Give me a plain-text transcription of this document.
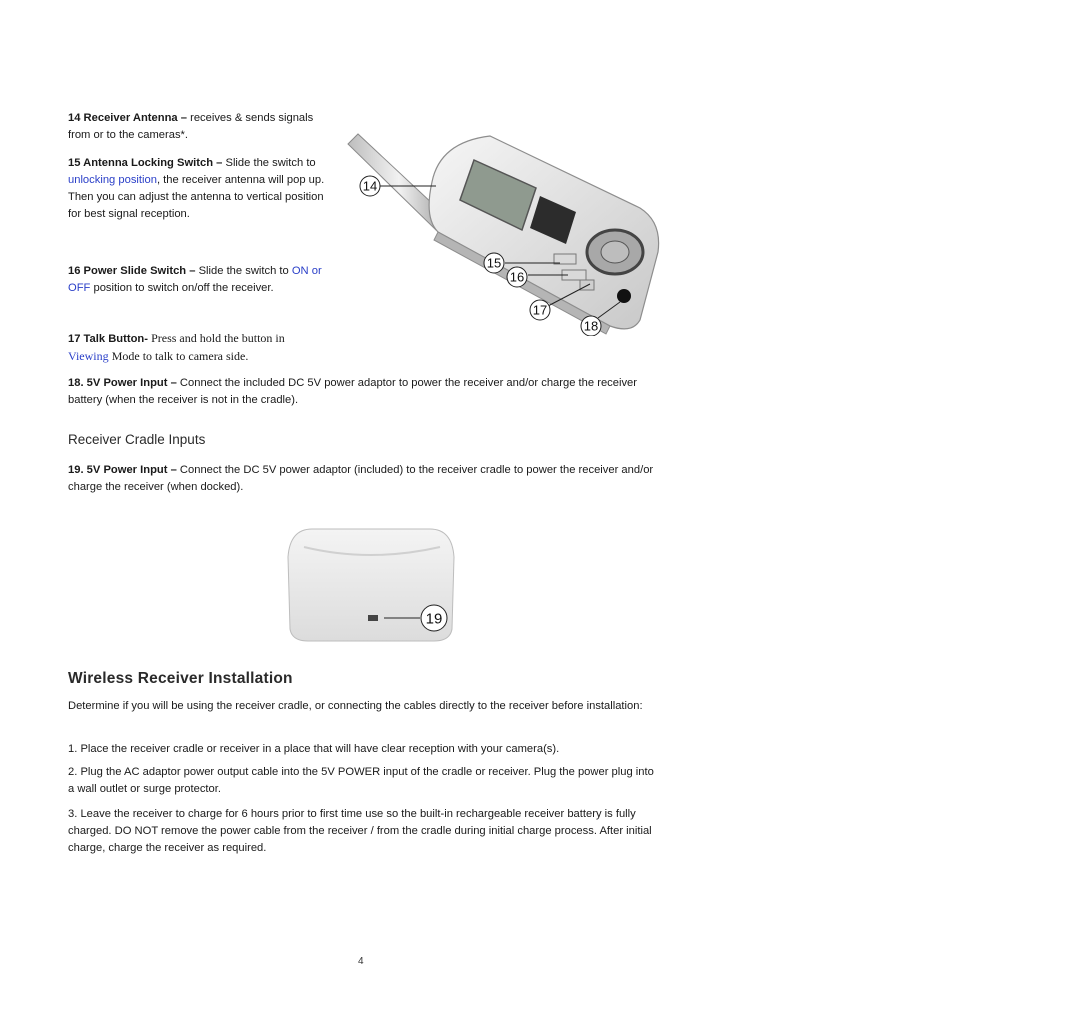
14 Receiver Antenna – receives & sends signals from or to the cameras*.

15 Antenna Locking Switch – Slide the switch to unlocking position, the receiver antenna will pop up. Then you can adjust the antenna to vertical position for best signal reception.

16 Power Slide Switch – Slide the switch to ON or OFF position to switch on/off the receiver.

17 Talk Button- Press and hold the button in Viewing Mode to talk to camera side.

14
15
16
17
18

18. 5V Power Input – Connect the included DC 5V power adaptor to power the receiver and/or charge the receiver battery (when the receiver is not in the cradle).

Receiver Cradle Inputs

19. 5V Power Input – Connect the DC 5V power adaptor (included) to the receiver cradle to power the receiver and/or charge the receiver (when docked).

19
Wireless Receiver Installation

Determine if you will be using the receiver cradle, or connecting the cables directly to the receiver before installation:

1. Place the receiver cradle or receiver in a place that will have clear reception with your camera(s).

2. Plug the AC adaptor power output cable into the 5V POWER input of the cradle or receiver. Plug the power plug into a wall outlet or surge protector.

3. Leave the receiver to charge for 6 hours prior to first time use so the built-in rechargeable receiver battery is fully charged. DO NOT remove the power cable from the receiver / from the cradle during initial charge process. After initial charge, charge the receiver as required.

4
